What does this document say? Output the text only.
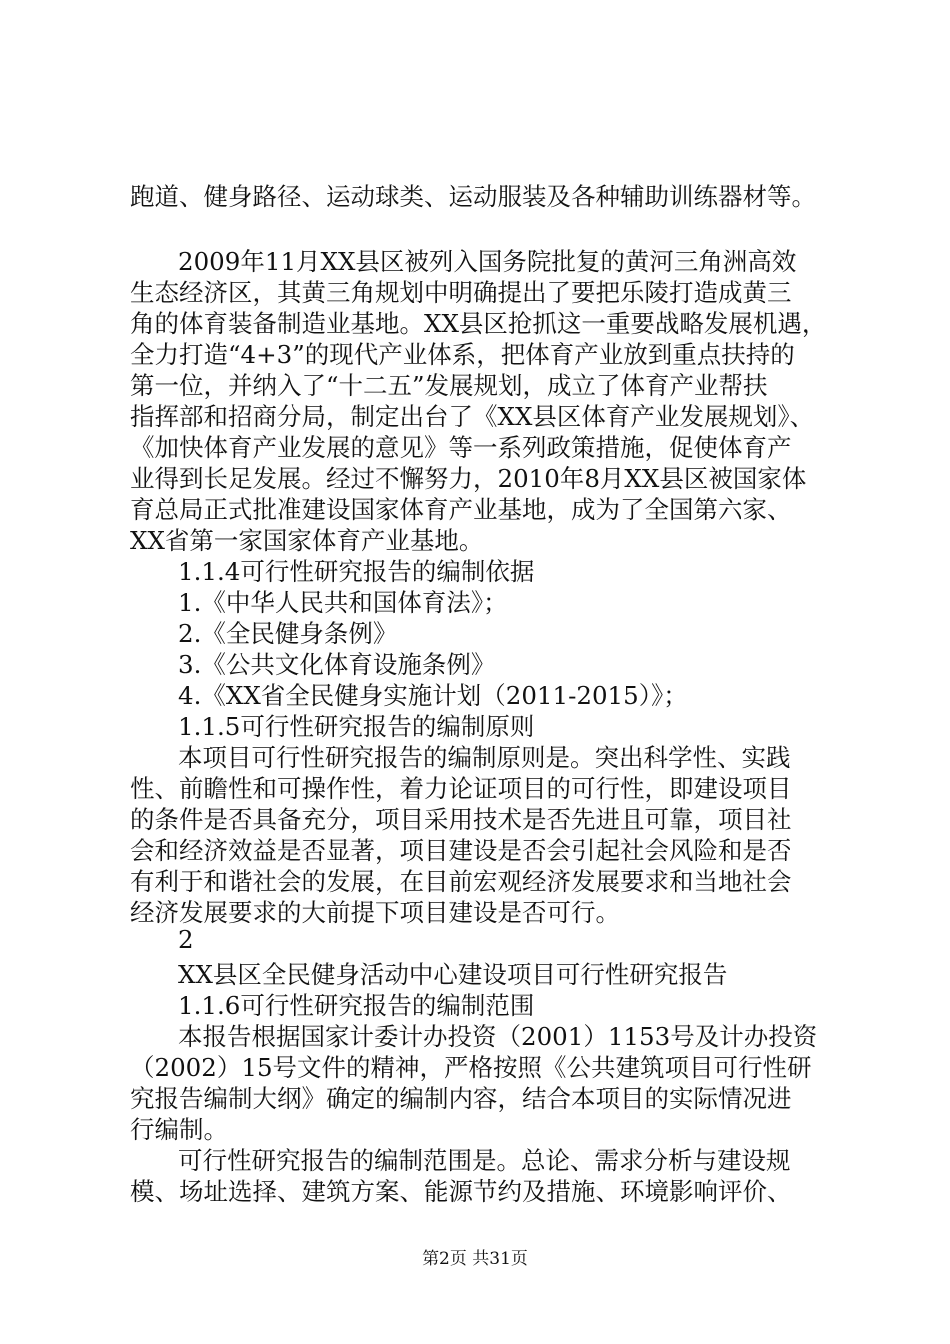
跑道、健身路径、运动球类、运动服装及各种辅助训练器材等。
2009年11月XX县区被列入国务院批复的黄河三角洲高效
生态经济区，其黄三角规划中明确提出了要把乐陵打造成黄三
角的体育装备制造业基地。XX县区抢抓这一重要战略发展机遇，
全力打造“4+3”的现代产业体系，把体育产业放到重点扶持的
第一位，并纳入了“十二五”发展规划，成立了体育产业帮扶
指挥部和招商分局，制定出台了《XX县区体育产业发展规划》、
《加快体育产业发展的意见》等一系列政策措施，促使体育产
业得到长足发展。经过不懈努力，2010年8月XX县区被国家体
育总局正式批准建设国家体育产业基地，成为了全国第六家、
XX省第一家国家体育产业基地。
1.1.4可行性研究报告的编制依据
1.《中华人民共和国体育法》；
2.《全民健身条例》
3.《公共文化体育设施条例》
4.《XX省全民健身实施计划（2011-2015）》；
1.1.5可行性研究报告的编制原则
本项目可行性研究报告的编制原则是。突出科学性、实践
性、前瞻性和可操作性，着力论证项目的可行性，即建设项目
的条件是否具备充分，项目采用技术是否先进且可靠，项目社
会和经济效益是否显著，项目建设是否会引起社会风险和是否
有利于和谐社会的发展，在目前宏观经济发展要求和当地社会
经济发展要求的大前提下项目建设是否可行。
2
XX县区全民健身活动中心建设项目可行性研究报告
1.1.6可行性研究报告的编制范围
本报告根据国家计委计办投资（2001）1153号及计办投资
（2002）15号文件的精神，严格按照《公共建筑项目可行性研
究报告编制大纲》确定的编制内容，结合本项目的实际情况进
行编制。
可行性研究报告的编制范围是。总论、需求分析与建设规
模、场址选择、建筑方案、能源节约及措施、环境影响评价、
第2页 共31页
